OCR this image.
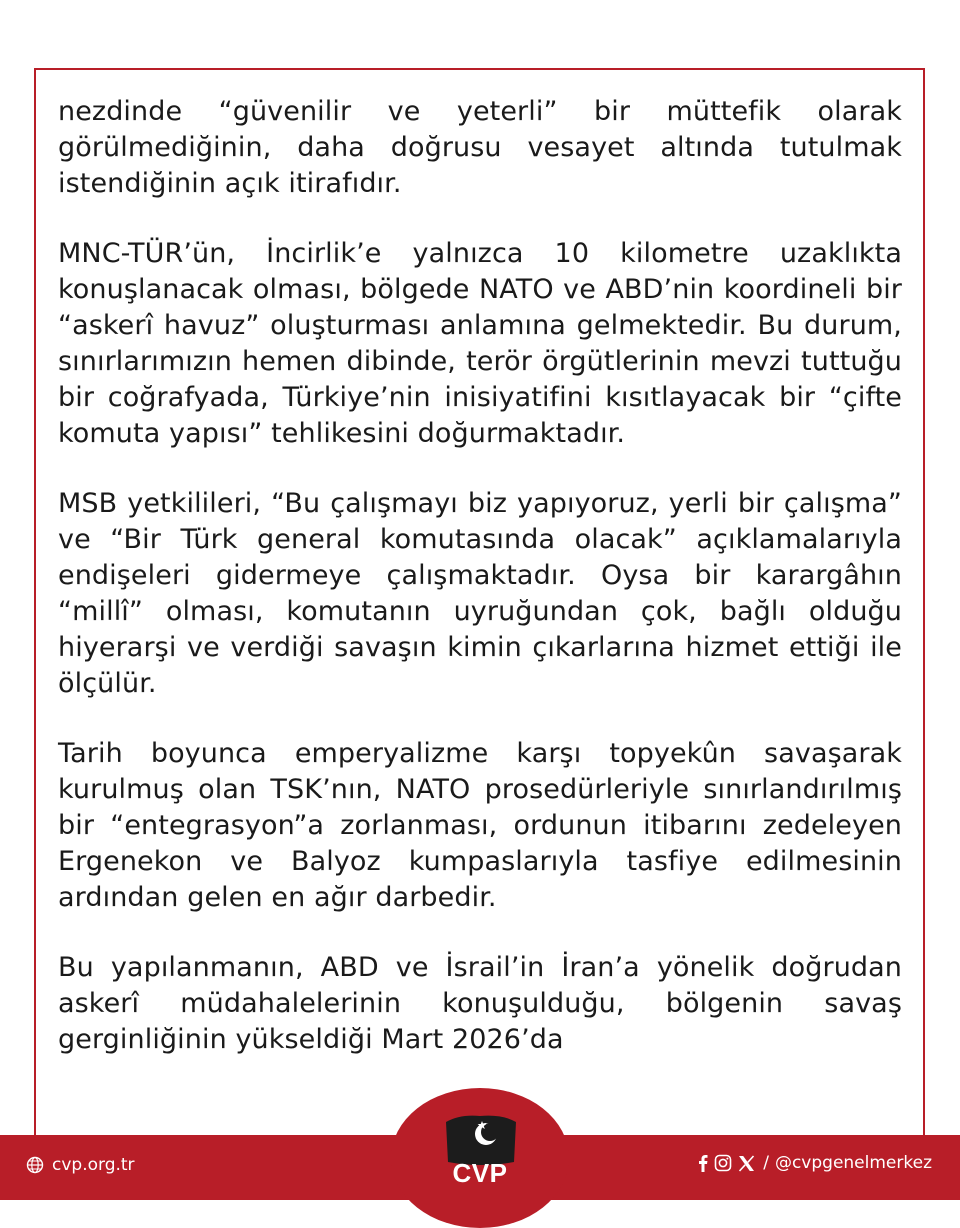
nezdinde “güvenilir ve yeterli” bir müttefik olarak görülmediğinin, daha doğrusu vesayet altında tutulmak istendiğinin açık itirafıdır.

MNC-TÜR’ün, İncirlik’e yalnızca 10 kilometre uzaklıkta konuşlanacak olması, bölgede NATO ve ABD’nin koordineli bir “askerî havuz” oluşturması anlamına gelmektedir. Bu durum, sınırlarımızın hemen dibinde, terör örgütlerinin mevzi tuttuğu bir coğrafyada, Türkiye’nin inisiyatifini kısıtlayacak bir “çifte komuta yapısı” tehlikesini doğurmaktadır.

MSB yetkilileri, “Bu çalışmayı biz yapıyoruz, yerli bir çalışma” ve “Bir Türk general komutasında olacak” açıklamalarıyla endişeleri gidermeye çalışmaktadır. Oysa bir karargâhın “millî” olması, komutanın uyruğundan çok, bağlı olduğu hiyerarşi ve verdiği savaşın kimin çıkarlarına hizmet ettiği ile ölçülür.

Tarih boyunca emperyalizme karşı topyekûn savaşarak kurulmuş olan TSK’nın, NATO prosedürleriyle sınırlandırılmış bir “entegrasyon”a zorlanması, ordunun itibarını zedeleyen Ergenekon ve Balyoz kumpaslarıyla tasfiye edilmesinin ardından gelen en ağır darbedir.

Bu yapılanmanın, ABD ve İsrail’in İran’a yönelik doğrudan askerî müdahalelerinin konuşulduğu, bölgenin savaş gerginliğinin yükseldiği Mart 2026’da

CVP
cvp.org.tr	/ @cvpgenelmerkez
